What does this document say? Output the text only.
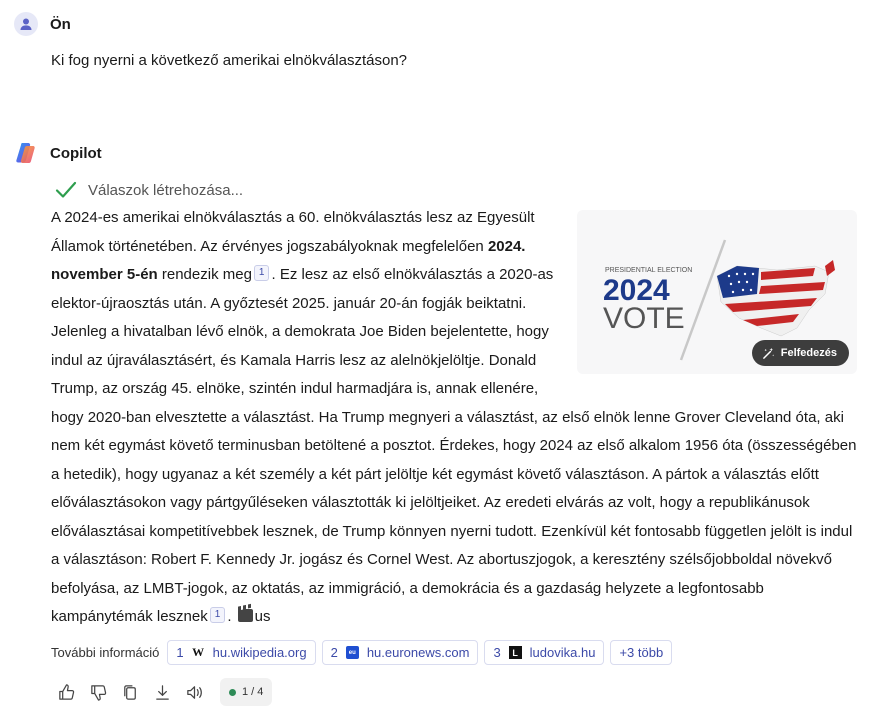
Ön
Ki fog nyerni a következő amerikai elnökválasztáson?
Copilot
Válaszok létrehozása...
PRESIDENTIAL ELECTION
2024
VOTE
Felfedezés
A 2024-es amerikai elnökválasztás a 60. elnökválasztás lesz az Egyesült Államok történetében. Az érvényes jogszabályoknak megfelelően 2024. november 5-én rendezik meg 1 . Ez lesz az első elnökválasztás a 2020-as elektor-újraosztás után. A győztesét 2025. január 20-án fogják beiktatni. Jelenleg a hivatalban lévő elnök, a demokrata Joe Biden bejelentette, hogy indul az újraválasztásért, és Kamala Harris lesz az alelnökjelöltje. Donald Trump, az ország 45. elnöke, szintén indul harmadjára is, annak ellenére, hogy 2020-ban elvesztette a választást. Ha Trump megnyeri a választást, az első elnök lenne Grover Cleveland óta, aki nem két egymást követő terminusban betöltené a posztot. Érdekes, hogy 2024 az első alkalom 1956 óta (összességében a hetedik), hogy ugyanaz a két személy a két párt jelöltje két egymást követő választáson. A pártok a választás előtt előválasztásokon vagy pártgyűléseken választották ki jelöltjeiket. Az eredeti elvárás az volt, hogy a republikánusok előválasztásai kompetitívebbek lesznek, de Trump könnyen nyerni tudott. Ezenkívül két fontosabb független jelölt is indul a választáson: Robert F. Kennedy Jr. jogász és Cornel West. Az abortuszjogok, a keresztény szélsőjobboldal növekvő befolyása, az LMBT-jogok, az oktatás, az immigráció, a demokrácia és a gazdaság helyzete a legfontosabb kampánytémák lesznek 1 . us
További információ 1 W hu.wikipedia.org 2	eu hu.euronews.com 3	L ludovika.hu	+3 több
1 / 4
